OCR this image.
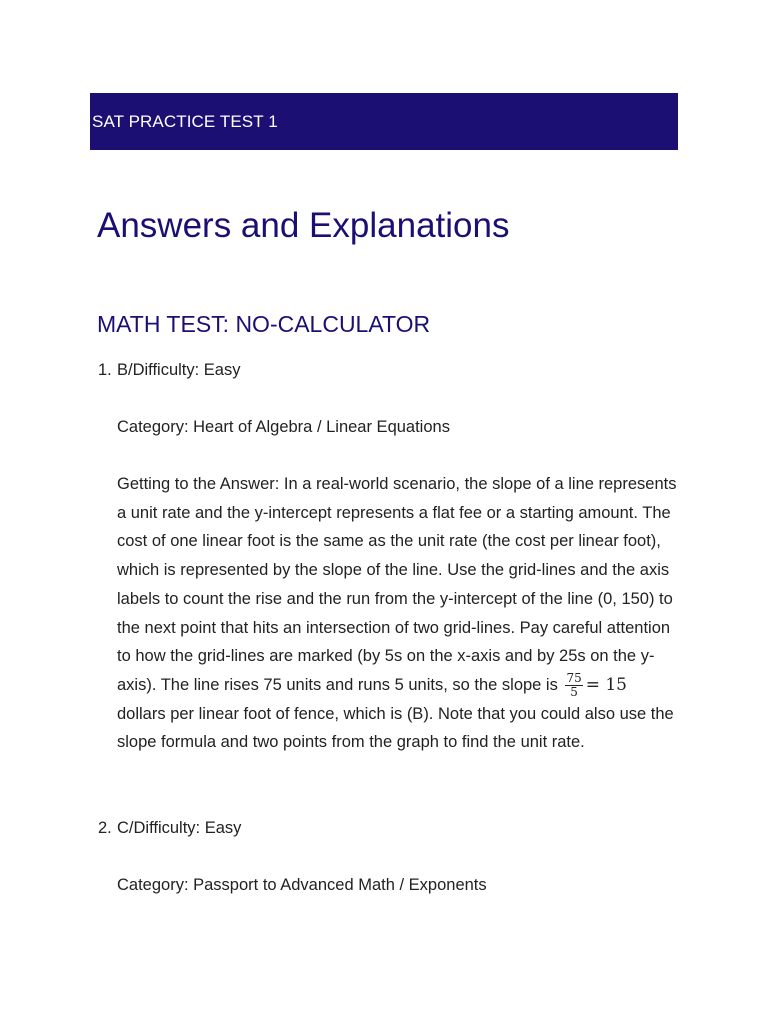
SAT PRACTICE TEST 1
Answers and Explanations
MATH TEST: NO-CALCULATOR
1. B/Difficulty: Easy

Category: Heart of Algebra / Linear Equations

Getting to the Answer: In a real-world scenario, the slope of a line represents a unit rate and the y-intercept represents a flat fee or a starting amount. The cost of one linear foot is the same as the unit rate (the cost per linear foot), which is represented by the slope of the line. Use the grid-lines and the axis labels to count the rise and the run from the y-intercept of the line (0, 150) to the next point that hits an intersection of two grid-lines. Pay careful attention to how the grid-lines are marked (by 5s on the x-axis and by 25s on the y-axis). The line rises 75 units and runs 5 units, so the slope is $\frac{75}{5} = 15$ dollars per linear foot of fence, which is (B). Note that you could also use the slope formula and two points from the graph to find the unit rate.

2. C/Difficulty: Easy

Category: Passport to Advanced Math / Exponents
